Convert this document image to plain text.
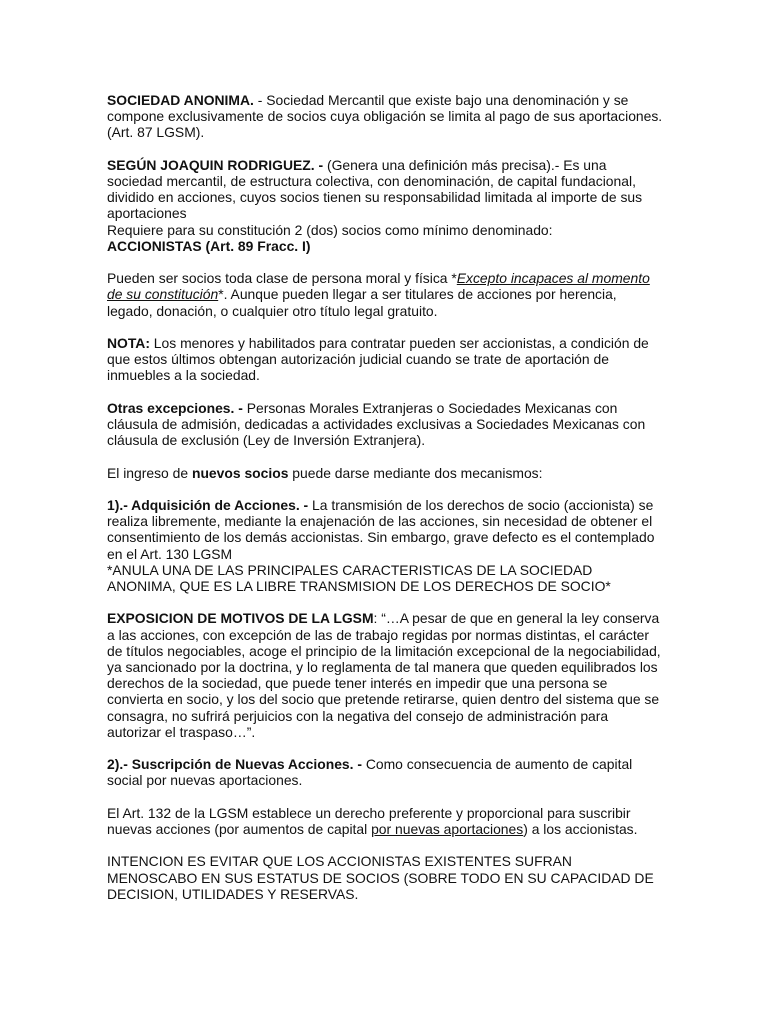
SOCIEDAD ANONIMA. - Sociedad Mercantil que existe bajo una denominación y se
compone exclusivamente de socios cuya obligación se limita al pago de sus aportaciones.
(Art. 87 LGSM).

SEGÚN JOAQUIN RODRIGUEZ. - (Genera una definición más precisa).- Es una
sociedad mercantil, de estructura colectiva, con denominación, de capital fundacional,
dividido en acciones, cuyos socios tienen su responsabilidad limitada al importe de sus
aportaciones
Requiere para su constitución 2 (dos) socios como mínimo denominado:
ACCIONISTAS (Art. 89 Fracc. I)

Pueden ser socios toda clase de persona moral y física *Excepto incapaces al momento
de su constitución*. Aunque pueden llegar a ser titulares de acciones por herencia,
legado, donación, o cualquier otro título legal gratuito.

NOTA: Los menores y habilitados para contratar pueden ser accionistas, a condición de
que estos últimos obtengan autorización judicial cuando se trate de aportación de
inmuebles a la sociedad.

Otras excepciones. - Personas Morales Extranjeras o Sociedades Mexicanas con
cláusula de admisión, dedicadas a actividades exclusivas a Sociedades Mexicanas con
cláusula de exclusión (Ley de Inversión Extranjera).

El ingreso de nuevos socios puede darse mediante dos mecanismos:

1).- Adquisición de Acciones. - La transmisión de los derechos de socio (accionista) se
realiza libremente, mediante la enajenación de las acciones, sin necesidad de obtener el
consentimiento de los demás accionistas. Sin embargo, grave defecto es el contemplado
en el Art. 130 LGSM
*ANULA UNA DE LAS PRINCIPALES CARACTERISTICAS DE LA SOCIEDAD
ANONIMA, QUE ES LA LIBRE TRANSMISION DE LOS DERECHOS DE SOCIO*

EXPOSICION DE MOTIVOS DE LA LGSM: “…A pesar de que en general la ley conserva
a las acciones, con excepción de las de trabajo regidas por normas distintas, el carácter
de títulos negociables, acoge el principio de la limitación excepcional de la negociabilidad,
ya sancionado por la doctrina, y lo reglamenta de tal manera que queden equilibrados los
derechos de la sociedad, que puede tener interés en impedir que una persona se
convierta en socio, y los del socio que pretende retirarse, quien dentro del sistema que se
consagra, no sufrirá perjuicios con la negativa del consejo de administración para
autorizar el traspaso…”.

2).- Suscripción de Nuevas Acciones. - Como consecuencia de aumento de capital
social por nuevas aportaciones.

El Art. 132 de la LGSM establece un derecho preferente y proporcional para suscribir
nuevas acciones (por aumentos de capital por nuevas aportaciones) a los accionistas.

INTENCION ES EVITAR QUE LOS ACCIONISTAS EXISTENTES SUFRAN
MENOSCABO EN SUS ESTATUS DE SOCIOS (SOBRE TODO EN SU CAPACIDAD DE
DECISION, UTILIDADES Y RESERVAS.
